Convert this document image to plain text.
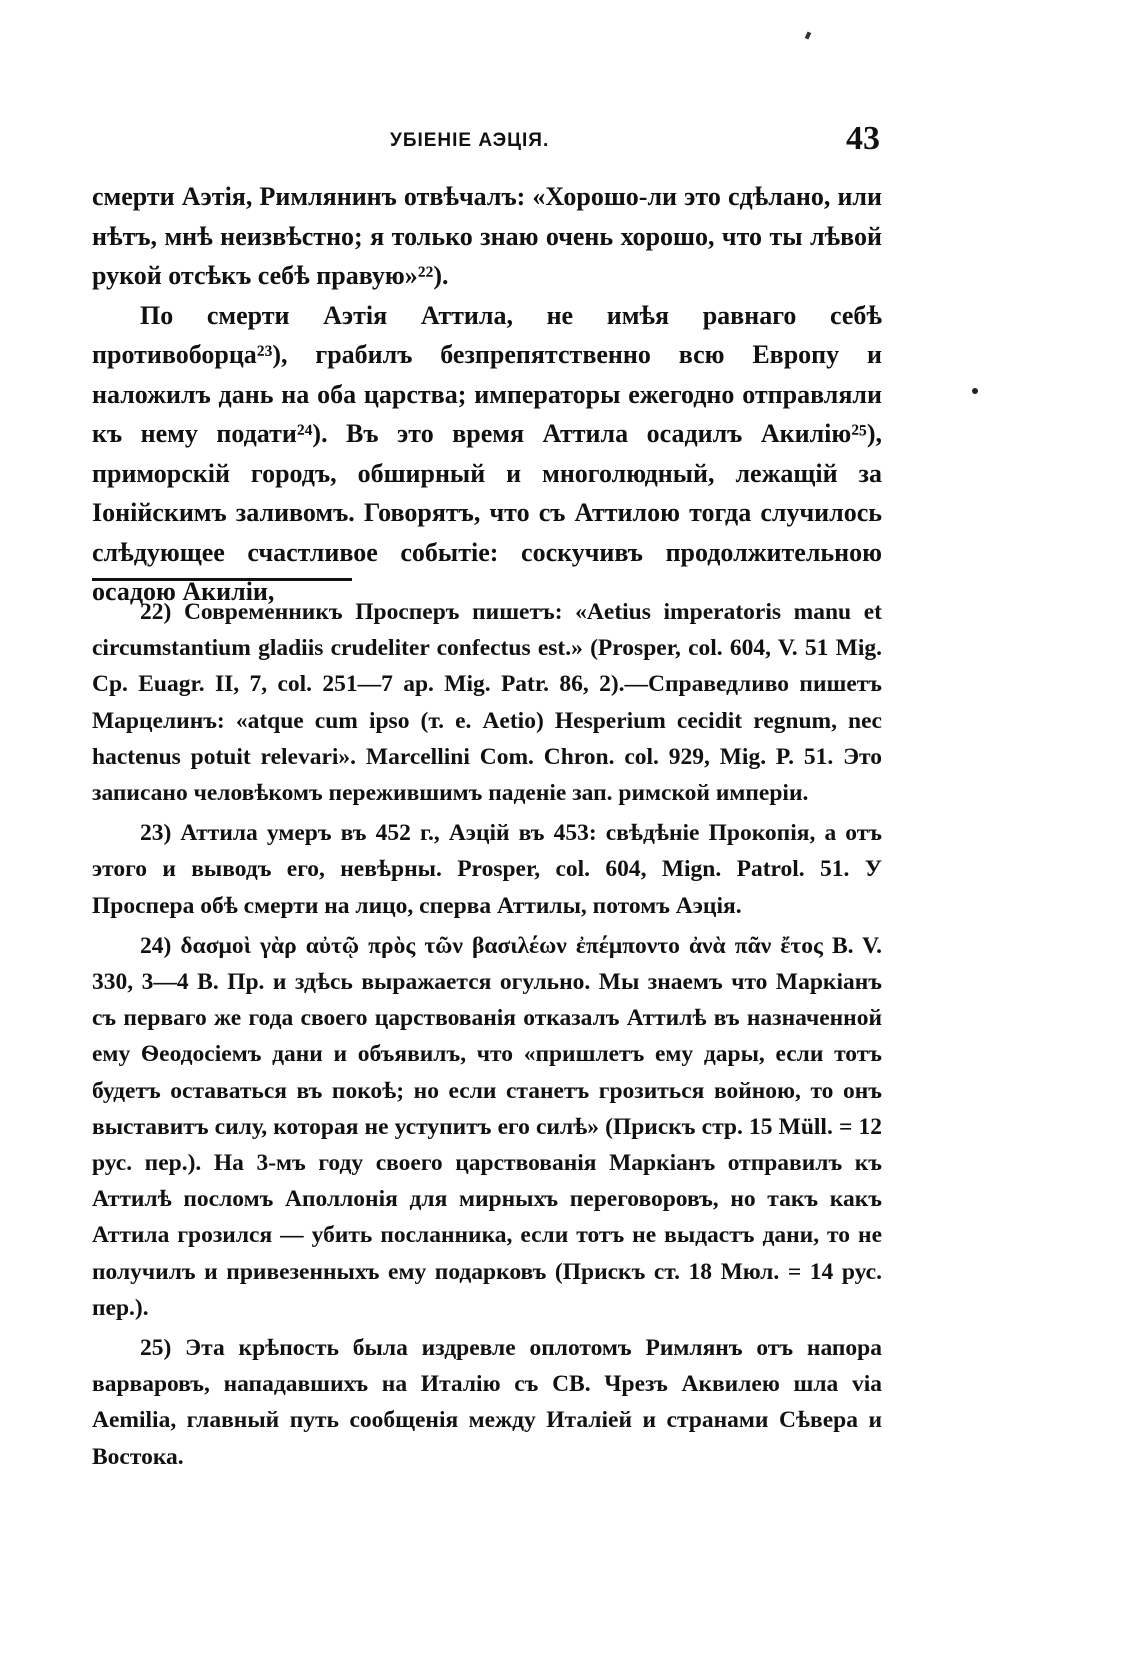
УБІЕНІЕ АЭЦІЯ.	43

смерти Аэтія, Римлянинъ отвѣчалъ: «Хорошо-ли это сдѣлано, или нѣтъ, мнѣ неизвѣстно; я только знаю очень хорошо, что ты лѣвой рукой отсѣкъ себѣ правую»²²).

По смерти Аэтія Аттила, не имѣя равнаго себѣ противоборца²³), грабилъ безпрепятственно всю Европу и наложилъ дань на оба царства; императоры ежегодно отправляли къ нему подати²⁴). Въ это время Аттила осадилъ Акилію²⁵), приморскій городъ, обширный и многолюдный, лежащій за Іонійскимъ заливомъ. Говорятъ, что съ Аттилою тогда случилось слѣдующее счастливое событіе: соскучивъ продолжительною осадою Акиліи,

22) Современникъ Просперъ пишетъ: «Aetius imperatoris manu et circumstantium gladiis crudeliter confectus est.» (Prosper, col. 604, V. 51 Mig. Cp. Euagr. II, 7, col. 251—7 ap. Mig. Patr. 86, 2).—Справедливо пишетъ Марцелинъ: «atque cum ipso (т. е. Aetio) Hesperium cecidit regnum, nec hactenus potuit relevari». Marcellini Com. Chron. col. 929, Mig. P. 51. Это записано человѣкомъ пережившимъ паденіе зап. римской имперіи.

23) Аттила умеръ въ 452 г., Аэцій въ 453: свѣдѣніе Прокопія, а отъ этого и выводъ его, невѣрны. Prosper, col. 604, Mign. Patrol. 51. У Проспера обѣ смерти на лицо, сперва Аттилы, потомъ Аэція.

24) δασμοὶ γὰρ αὐτῷ πρὸς τῶν βασιλέων ἐπέμποντο ἀνὰ πᾶν ἔτος B. V. 330, 3—4 В. Пр. и здѣсь выражается огульно. Мы знаемъ что Маркіанъ съ перваго же года своего царствованія отказалъ Аттилѣ въ назначенной ему Ѳеодосіемъ дани и объявилъ, что «пришлетъ ему дары, если тотъ будетъ оставаться въ покоѣ; но если станетъ грозиться войною, то онъ выставитъ силу, которая не уступитъ его силѣ» (Прискъ стр. 15 Müll. = 12 рус. пер.). На 3-мъ году своего царствованія Маркіанъ отправилъ къ Аттилѣ посломъ Аполлонія для мирныхъ переговоровъ, но такъ какъ Аттила грозился — убить посланника, если тотъ не выдастъ дани, то не получилъ и привезенныхъ ему подарковъ (Прискъ ст. 18 Мюл. = 14 рус. пер.).

25) Эта крѣпость была издревле оплотомъ Римлянъ отъ напора варваровъ, нападавшихъ на Италію съ СВ. Чрезъ Аквилею шла via Aemilia, главный путь сообщенія между Италіей и странами Сѣвера и Востока.
